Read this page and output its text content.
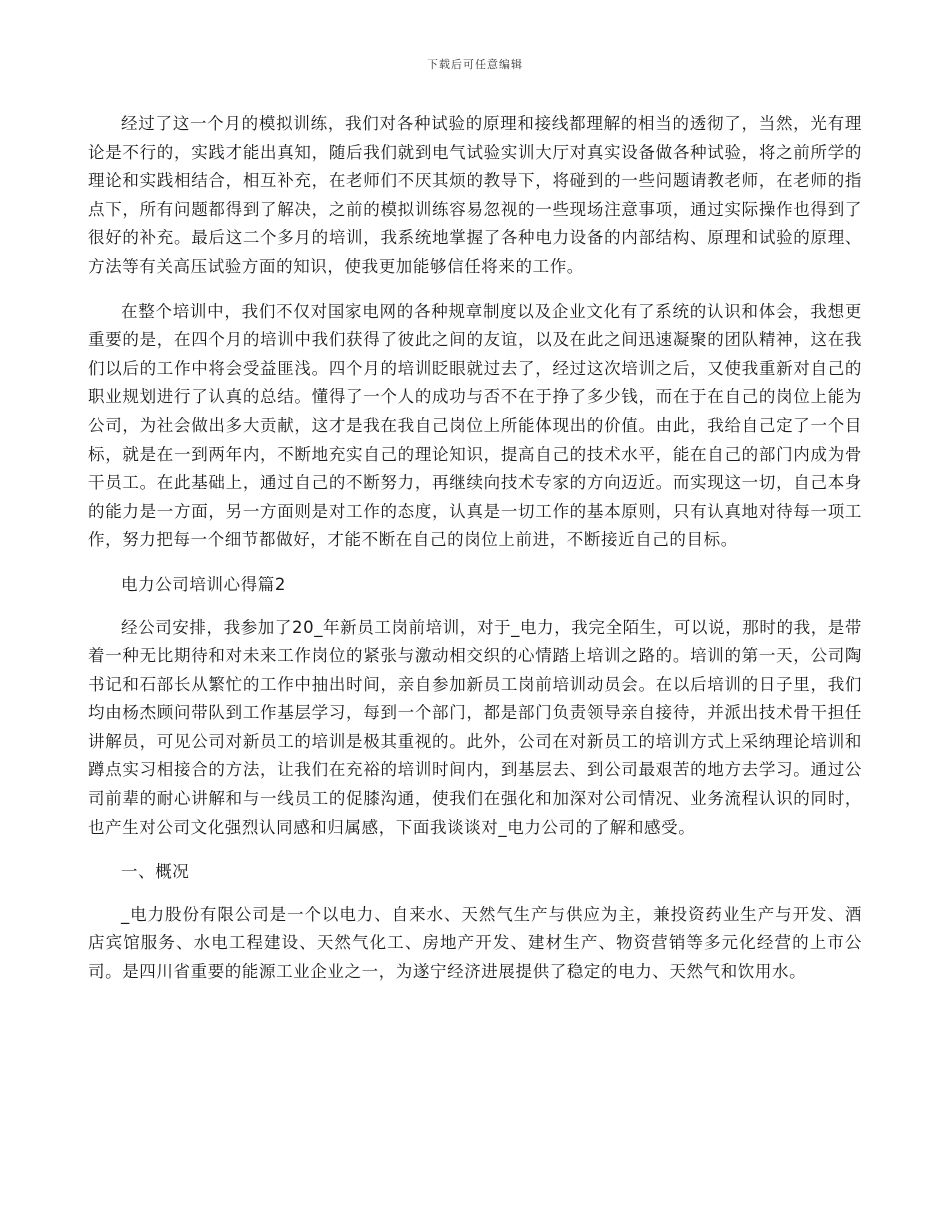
下载后可任意编辑

经过了这一个月的模拟训练，我们对各种试验的原理和接线都理解的相当的透彻了，当然，光有理论是不行的，实践才能出真知，随后我们就到电气试验实训大厅对真实设备做各种试验，将之前所学的理论和实践相结合，相互补充，在老师们不厌其烦的教导下，将碰到的一些问题请教老师，在老师的指点下，所有问题都得到了解决，之前的模拟训练容易忽视的一些现场注意事项，通过实际操作也得到了很好的补充。最后这二个多月的培训，我系统地掌握了各种电力设备的内部结构、原理和试验的原理、方法等有关高压试验方面的知识，使我更加能够信任将来的工作。

在整个培训中，我们不仅对国家电网的各种规章制度以及企业文化有了系统的认识和体会，我想更重要的是，在四个月的培训中我们获得了彼此之间的友谊，以及在此之间迅速凝聚的团队精神，这在我们以后的工作中将会受益匪浅。四个月的培训眨眼就过去了，经过这次培训之后，又使我重新对自己的职业规划进行了认真的总结。懂得了一个人的成功与否不在于挣了多少钱，而在于在自己的岗位上能为公司，为社会做出多大贡献，这才是我在我自己岗位上所能体现出的价值。由此，我给自己定了一个目标，就是在一到两年内，不断地充实自己的理论知识，提高自己的技术水平，能在自己的部门内成为骨干员工。在此基础上，通过自己的不断努力，再继续向技术专家的方向迈近。而实现这一切，自己本身的能力是一方面，另一方面则是对工作的态度，认真是一切工作的基本原则，只有认真地对待每一项工作，努力把每一个细节都做好，才能不断在自己的岗位上前进，不断接近自己的目标。

电力公司培训心得篇2

经公司安排，我参加了20_年新员工岗前培训，对于_电力，我完全陌生，可以说，那时的我，是带着一种无比期待和对未来工作岗位的紧张与激动相交织的心情踏上培训之路的。培训的第一天，公司陶书记和石部长从繁忙的工作中抽出时间，亲自参加新员工岗前培训动员会。在以后培训的日子里，我们均由杨杰顾问带队到工作基层学习，每到一个部门，都是部门负责领导亲自接待，并派出技术骨干担任讲解员，可见公司对新员工的培训是极其重视的。此外，公司在对新员工的培训方式上采纳理论培训和蹲点实习相接合的方法，让我们在充裕的培训时间内，到基层去、到公司最艰苦的地方去学习。通过公司前辈的耐心讲解和与一线员工的促膝沟通，使我们在强化和加深对公司情况、业务流程认识的同时，也产生对公司文化强烈认同感和归属感，下面我谈谈对_电力公司的了解和感受。

一、概况

_电力股份有限公司是一个以电力、自来水、天然气生产与供应为主，兼投资药业生产与开发、酒店宾馆服务、水电工程建设、天然气化工、房地产开发、建材生产、物资营销等多元化经营的上市公司。是四川省重要的能源工业企业之一，为遂宁经济进展提供了稳定的电力、天然气和饮用水。
